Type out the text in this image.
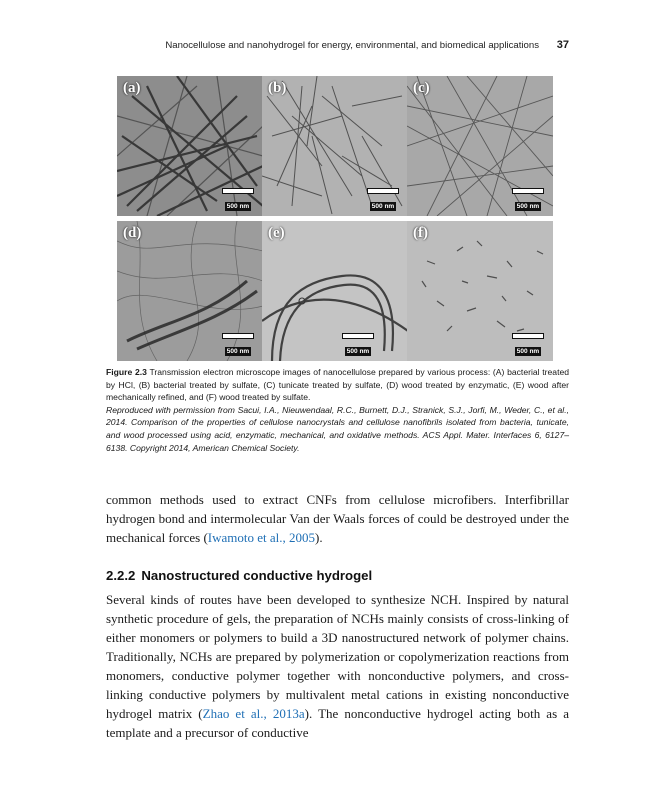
Nanocellulose and nanohydrogel for energy, environmental, and biomedical applications 37
(a)
500 nm
(b)
500 nm
(c)
500 nm
(d)
500 nm
(e)
500 nm
(f)
500 nm
Figure 2.3 Transmission electron microscope images of nanocellulose prepared by various process: (A) bacterial treated by HCl, (B) bacterial treated by sulfate, (C) tunicate treated by sulfate, (D) wood treated by enzymatic, (E) wood after mechanically refined, and (F) wood treated by sulfate.
Reproduced with permission from Sacui, I.A., Nieuwendaal, R.C., Burnett, D.J., Stranick, S.J., Jorfi, M., Weder, C., et al., 2014. Comparison of the properties of cellulose nanocrystals and cellulose nanofibrils isolated from bacteria, tunicate, and wood processed using acid, enzymatic, mechanical, and oxidative methods. ACS Appl. Mater. Interfaces 6, 6127–6138. Copyright 2014, American Chemical Society.

common methods used to extract CNFs from cellulose microfibers. Interfibrillar hydrogen bond and intermolecular Van der Waals forces of could be destroyed under the mechanical forces (Iwamoto et al., 2005).

2.2.2 Nanostructured conductive hydrogel

Several kinds of routes have been developed to synthesize NCH. Inspired by natural synthetic procedure of gels, the preparation of NCHs mainly consists of cross-linking of either monomers or polymers to build a 3D nanostructured network of polymer chains. Traditionally, NCHs are prepared by polymerization or copolymerization reactions from monomers, conductive polymer together with nonconductive polymers, and cross-linking conductive polymers by multivalent metal cations in existing nonconductive hydrogel matrix (Zhao et al., 2013a). The nonconductive hydrogel acting both as a template and a precursor of conductive
